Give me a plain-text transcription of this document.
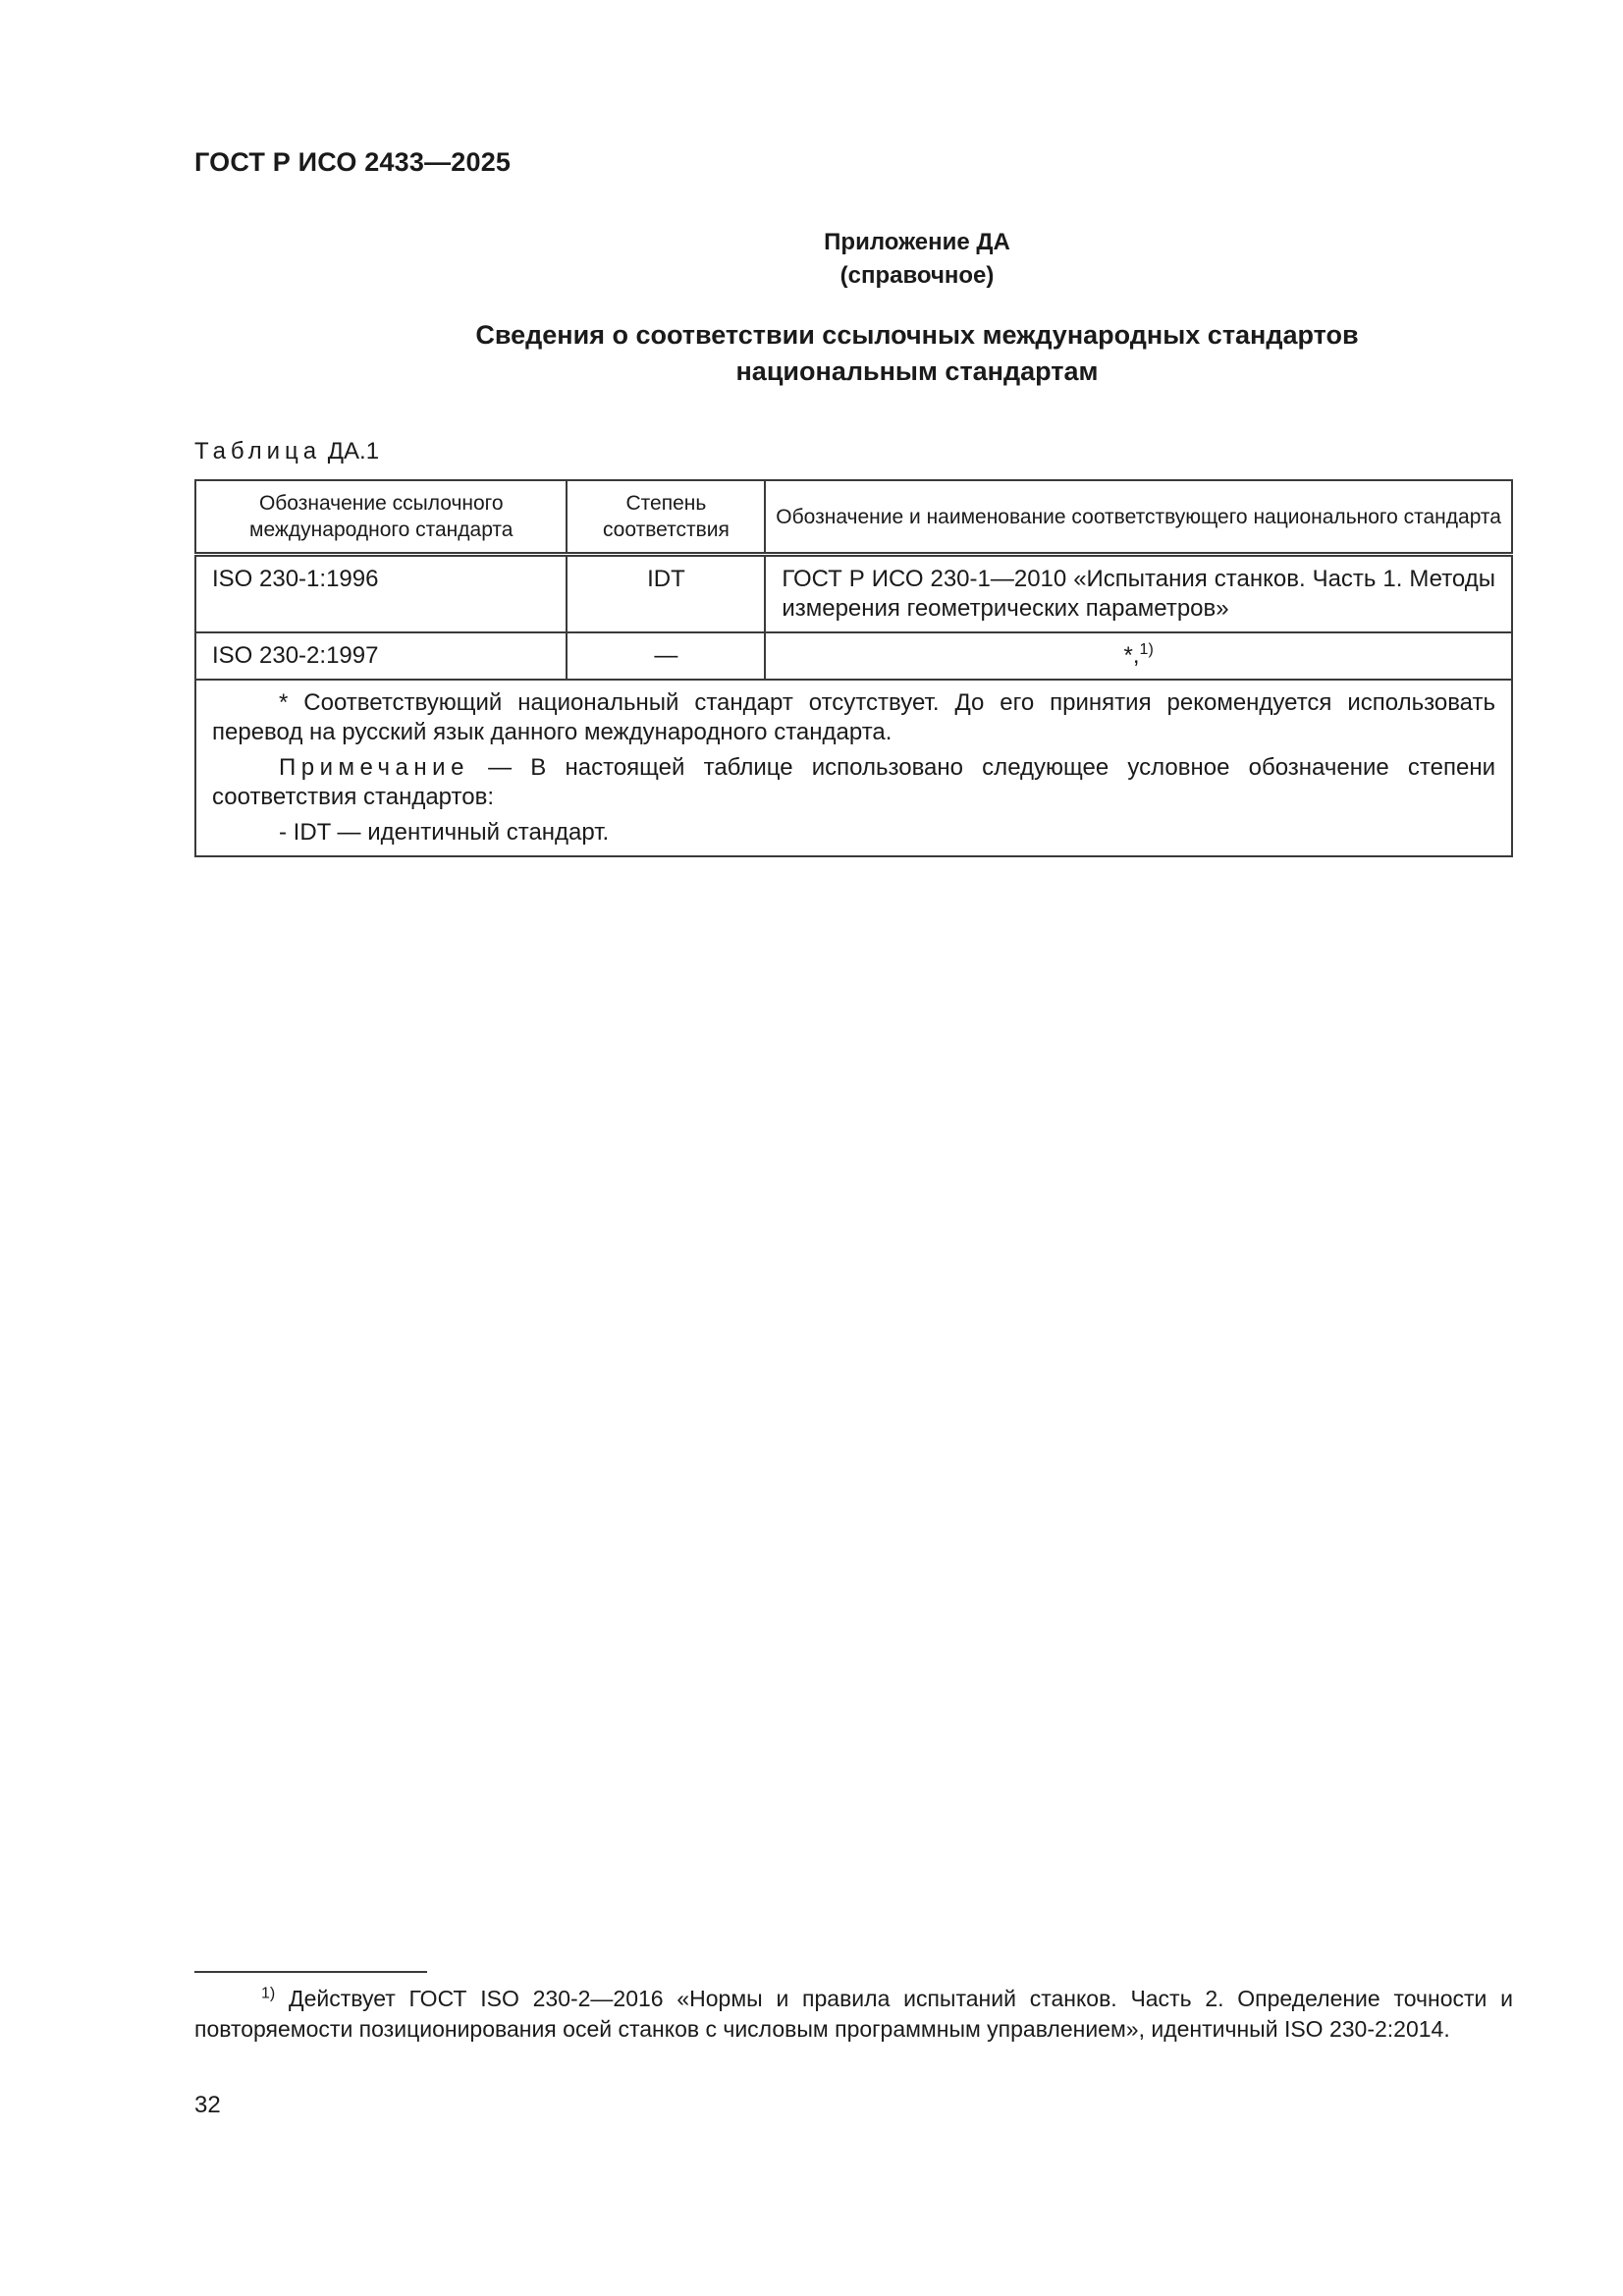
ГОСТ Р ИСО 2433—2025
Приложение ДА
(справочное)
Сведения о соответствии ссылочных международных стандартов
национальным стандартам
Таблица ДА.1
Обозначение ссылочного международного стандарта	Степень соответствия	Обозначение и наименование соответствующего национального стандарта
ISO 230-1:1996	IDT	ГОСТ Р ИСО 230-1—2010 «Испытания станков. Часть 1. Методы измерения геометрических параметров»
ISO 230-2:1997	—	*,$^{1)}$

* Соответствующий национальный стандарт отсутствует. До его принятия рекомендуется использовать перевод на русский язык данного международного стандарта.

Примечание — В настоящей таблице использовано следующее условное обозначение степени соответствия стандартов:

- IDT — идентичный стандарт.		

$^{1)}$ Действует ГОСТ ISO 230-2—2016 «Нормы и правила испытаний станков. Часть 2. Определение точности и повторяемости позиционирования осей станков с числовым программным управлением», идентичный ISO 230-2:2014.
32
